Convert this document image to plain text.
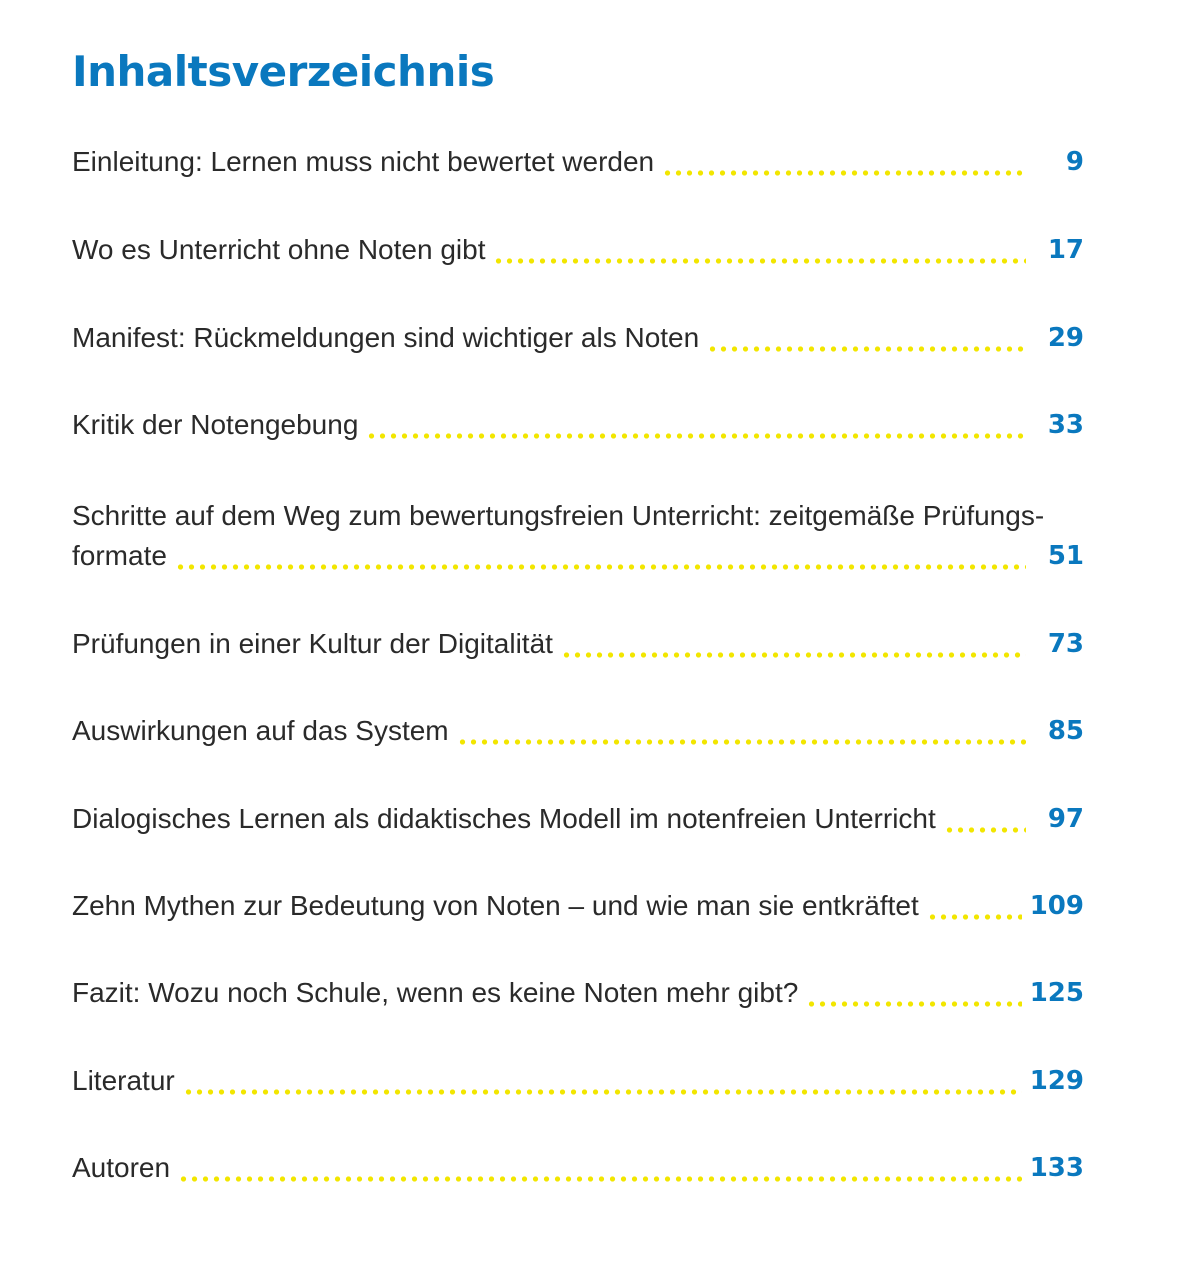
Inhaltsverzeichnis
Einleitung: Lernen muss nicht bewertet werden	9
Wo es Unterricht ohne Noten gibt	17
Manifest: Rückmeldungen sind wichtiger als Noten	29
Kritik der Notengebung	33
Schritte auf dem Weg zum bewertungsfreien Unterricht: zeitgemäße Prüfungs-
formate	51
Prüfungen in einer Kultur der Digitalität	73
Auswirkungen auf das System	85
Dialogisches Lernen als didaktisches Modell im notenfreien Unterricht	97
Zehn Mythen zur Bedeutung von Noten – und wie man sie entkräftet	109
Fazit: Wozu noch Schule, wenn es keine Noten mehr gibt?	125
Literatur	129
Autoren	133
